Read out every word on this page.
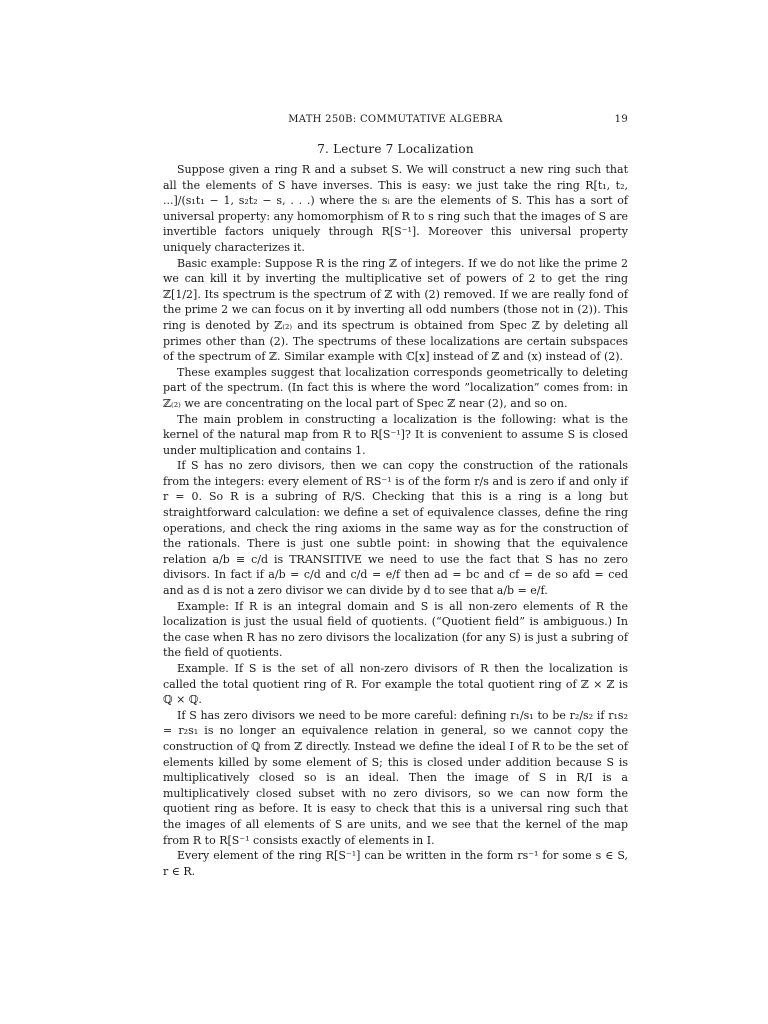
MATH 250B: COMMUTATIVE ALGEBRA	19
7. Lecture 7 Localization

Suppose given a ring R and a subset S. We will construct a new ring such that all the elements of S have inverses. This is easy: we just take the ring R[t₁, t₂, ...]/(s₁t₁ − 1, s₂t₂ − s, . . .) where the sᵢ are the elements of S. This has a sort of universal property: any homomorphism of R to s ring such that the images of S are invertible factors uniquely through R[S⁻¹]. Moreover this universal property uniquely characterizes it.

Basic example: Suppose R is the ring ℤ of integers. If we do not like the prime 2 we can kill it by inverting the multiplicative set of powers of 2 to get the ring ℤ[1/2]. Its spectrum is the spectrum of ℤ with (2) removed. If we are really fond of the prime 2 we can focus on it by inverting all odd numbers (those not in (2)). This ring is denoted by ℤ₍₂₎ and its spectrum is obtained from Spec ℤ by deleting all primes other than (2). The spectrums of these localizations are certain subspaces of the spectrum of ℤ. Similar example with ℂ[x] instead of ℤ and (x) instead of (2).

These examples suggest that localization corresponds geometrically to deleting part of the spectrum. (In fact this is where the word ”localization” comes from: in ℤ₍₂₎ we are concentrating on the local part of Spec ℤ near (2), and so on.

The main problem in constructing a localization is the following: what is the kernel of the natural map from R to R[S⁻¹]? It is convenient to assume S is closed under multiplication and contains 1.

If S has no zero divisors, then we can copy the construction of the rationals from the integers: every element of RS⁻¹ is of the form r/s and is zero if and only if r = 0. So R is a subring of R/S. Checking that this is a ring is a long but straightforward calculation: we define a set of equivalence classes, define the ring operations, and check the ring axioms in the same way as for the construction of the rationals. There is just one subtle point: in showing that the equivalence relation a/b ≡ c/d is TRANSITIVE we need to use the fact that S has no zero divisors. In fact if a/b = c/d and c/d = e/f then ad = bc and cf = de so afd = ced and as d is not a zero divisor we can divide by d to see that a/b = e/f.

Example: If R is an integral domain and S is all non-zero elements of R the localization is just the usual field of quotients. (“Quotient field” is ambiguous.) In the case when R has no zero divisors the localization (for any S) is just a subring of the field of quotients.

Example. If S is the set of all non-zero divisors of R then the localization is called the total quotient ring of R. For example the total quotient ring of ℤ × ℤ is ℚ × ℚ.

If S has zero divisors we need to be more careful: defining r₁/s₁ to be r₂/s₂ if r₁s₂ = r₂s₁ is no longer an equivalence relation in general, so we cannot copy the construction of ℚ from ℤ directly. Instead we define the ideal I of R to be the set of elements killed by some element of S; this is closed under addition because S is multiplicatively closed so is an ideal. Then the image of S in R/I is a multiplicatively closed subset with no zero divisors, so we can now form the quotient ring as before. It is easy to check that this is a universal ring such that the images of all elements of S are units, and we see that the kernel of the map from R to R[S⁻¹ consists exactly of elements in I.

Every element of the ring R[S⁻¹] can be written in the form rs⁻¹ for some s ∈ S, r ∈ R.
